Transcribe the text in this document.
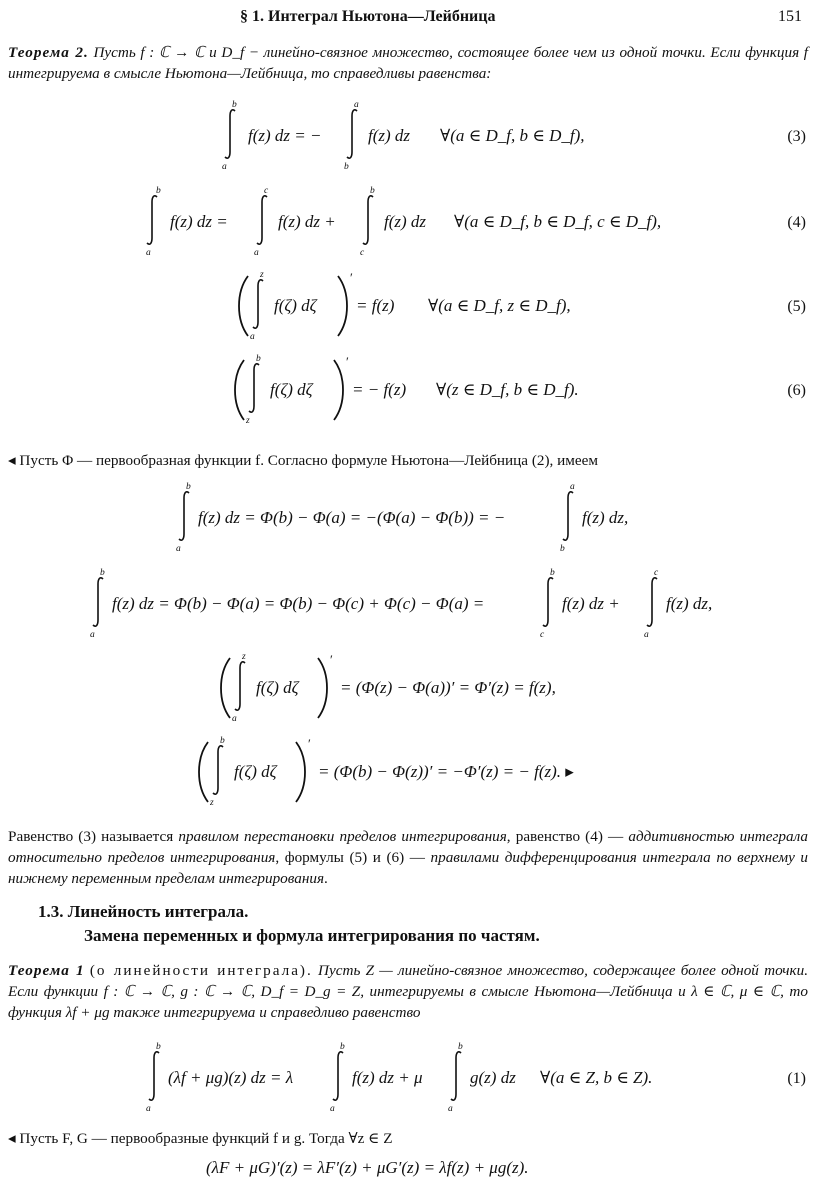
§ 1. Интеграл Ньютона—Лейбница	151
Теорема 2. Пусть f : ℂ → ℂ и D_f − линейно-связное множество, состоящее более чем из одной точки. Если функция f интегрируема в смысле Ньютона—Лейбница, то справедливы равенства:
b
a
f(z) dz = −
a
b
f(z) dz ∀(a ∈ D_f, b ∈ D_f),	(3)
b
a
f(z) dz =
c
a
f(z) dz +
b
c
f(z) dz ∀(a ∈ D_f, b ∈ D_f, c ∈ D_f),	(4)
z
a
f(ζ) dζ
′
= f(z) ∀(a ∈ D_f, z ∈ D_f),	(5)
b
z
f(ζ) dζ
′
= − f(z) ∀(z ∈ D_f, b ∈ D_f).	(6)
◂ Пусть Φ — первообразная функции f. Согласно формуле Ньютона—Лейбница (2), имеем
b
a
f(z) dz = Φ(b) − Φ(a) = −(Φ(a) − Φ(b)) = −
a
b
f(z) dz,
b
a
f(z) dz = Φ(b) − Φ(a) = Φ(b) − Φ(c) + Φ(c) − Φ(a) =
b
c
f(z) dz +
c
a
f(z) dz,
z
a
f(ζ) dζ
′
= (Φ(z) − Φ(a))′ = Φ′(z) = f(z),
b
z
f(ζ) dζ
′
= (Φ(b) − Φ(z))′ = −Φ′(z) = − f(z). ▸
Равенство (3) называется правилом перестановки пределов интегрирования, равенство (4) — аддитивностью интеграла относительно пределов интегрирования, формулы (5) и (6) — правилами дифференцирования интеграла по верхнему и нижнему переменным пределам интегрирования.
1.3. Линейность интеграла.
Замена переменных и формула интегрирования по частям.
Теорема 1 (о линейности интеграла). Пусть Z — линейно-связное множество, содержащее более одной точки. Если функции f : ℂ → ℂ, g : ℂ → ℂ, D_f = D_g = Z, интегрируемы в смысле Ньютона—Лейбница и λ ∈ ℂ, μ ∈ ℂ, то функция λf + μg также интегрируема и справедливо равенство
b
a
(λf + μg)(z) dz = λ
b
a
f(z) dz + μ
b
a
g(z) dz ∀(a ∈ Z, b ∈ Z).	(1)
◂ Пусть F, G — первообразные функций f и g. Тогда ∀z ∈ Z
(λF + μG)′(z) = λF′(z) + μG′(z) = λf(z) + μg(z).
